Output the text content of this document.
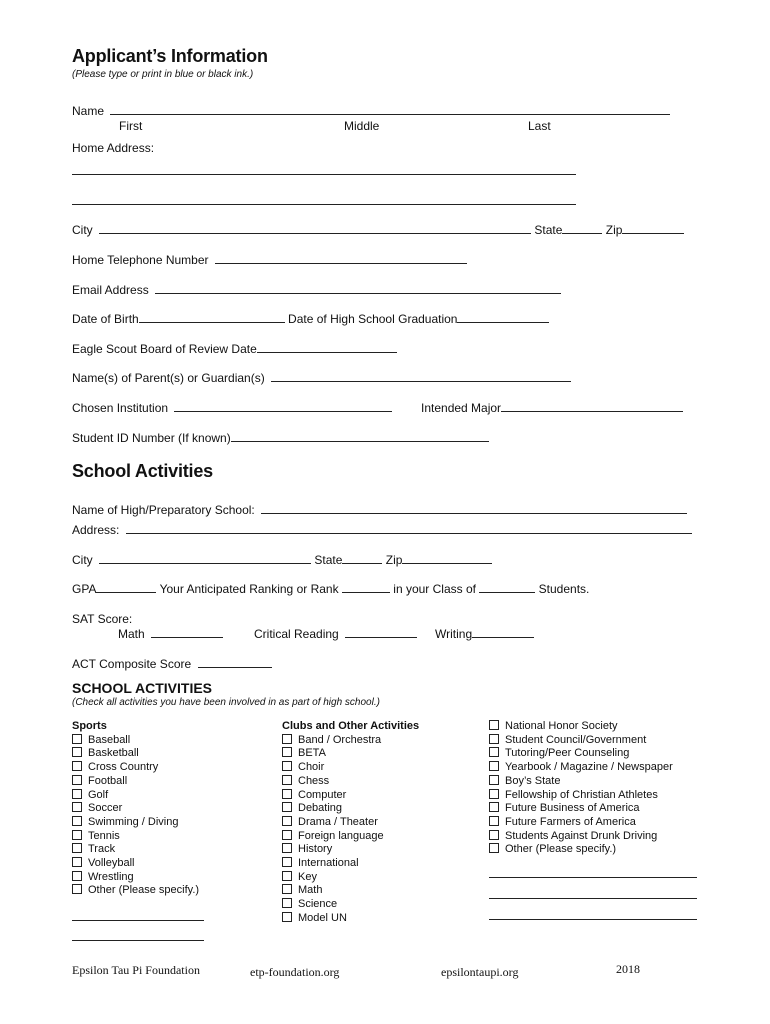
Applicant’s Information
(Please type or print in blue or black ink.)
Name
First	Middle	Last
Home Address:
City	State	Zip
Home Telephone Number
Email Address
Date of Birth	Date of High School Graduation
Eagle Scout Board of Review Date
Name(s) of Parent(s) or Guardian(s)
Chosen Institution	Intended Major
Student ID Number (If known)
School Activities
Name of High/Preparatory School:
Address:
City	State	Zip
GPA	Your Anticipated Ranking or Rank	in your Class of	Students.
SAT Score:
Math	Critical Reading	Writing
ACT Composite Score
SCHOOL ACTIVITIES
(Check all activities you have been involved in as part of high school.)
Sports
Baseball
Basketball
Cross Country
Football
Golf
Soccer
Swimming / Diving
Tennis
Track
Volleyball
Wrestling
Other (Please specify.)
Clubs and Other Activities
Band / Orchestra
BETA
Choir
Chess
Computer
Debating
Drama / Theater
Foreign language
History
International
Key
Math
Science
Model UN
National Honor Society
Student Council/Government
Tutoring/Peer Counseling
Yearbook / Magazine / Newspaper
Boy’s State
Fellowship of Christian Athletes
Future Business of America
Future Farmers of America
Students Against Drunk Driving
Other (Please specify.)
Epsilon Tau Pi Foundation	etp-foundation.org	epsilontaupi.org	2018
